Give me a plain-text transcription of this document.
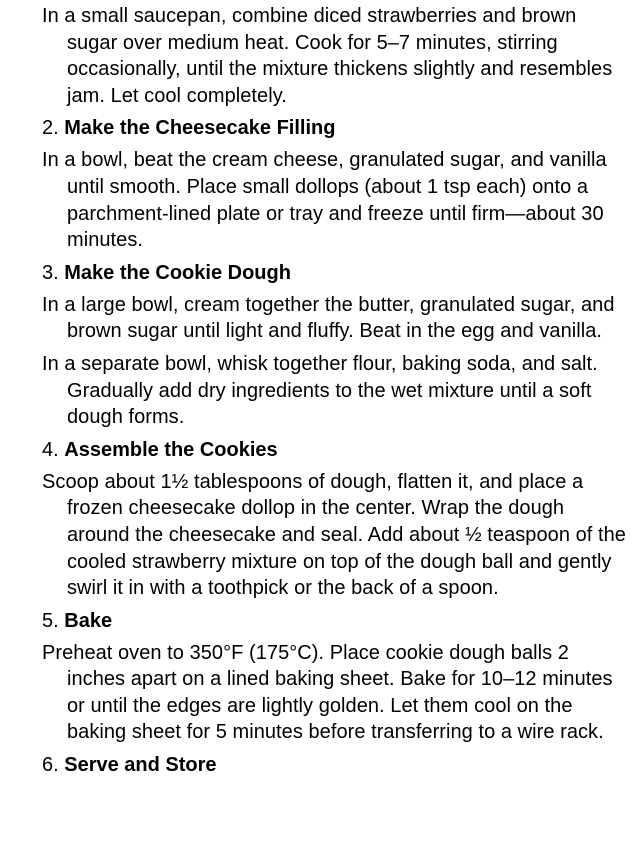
In a small saucepan, combine diced strawberries and brown sugar over medium heat. Cook for 5–7 minutes, stirring occasionally, until the mixture thickens slightly and resembles jam. Let cool completely.

2. Make the Cheesecake Filling

In a bowl, beat the cream cheese, granulated sugar, and vanilla until smooth. Place small dollops (about 1 tsp each) onto a parchment-lined plate or tray and freeze until firm—about 30 minutes.

3. Make the Cookie Dough

In a large bowl, cream together the butter, granulated sugar, and brown sugar until light and fluffy. Beat in the egg and vanilla.

In a separate bowl, whisk together flour, baking soda, and salt. Gradually add dry ingredients to the wet mixture until a soft dough forms.

4. Assemble the Cookies

Scoop about 1½ tablespoons of dough, flatten it, and place a frozen cheesecake dollop in the center. Wrap the dough around the cheesecake and seal. Add about ½ teaspoon of the cooled strawberry mixture on top of the dough ball and gently swirl it in with a toothpick or the back of a spoon.

5. Bake

Preheat oven to 350°F (175°C). Place cookie dough balls 2 inches apart on a lined baking sheet. Bake for 10–12 minutes or until the edges are lightly golden. Let them cool on the baking sheet for 5 minutes before transferring to a wire rack.

6. Serve and Store
